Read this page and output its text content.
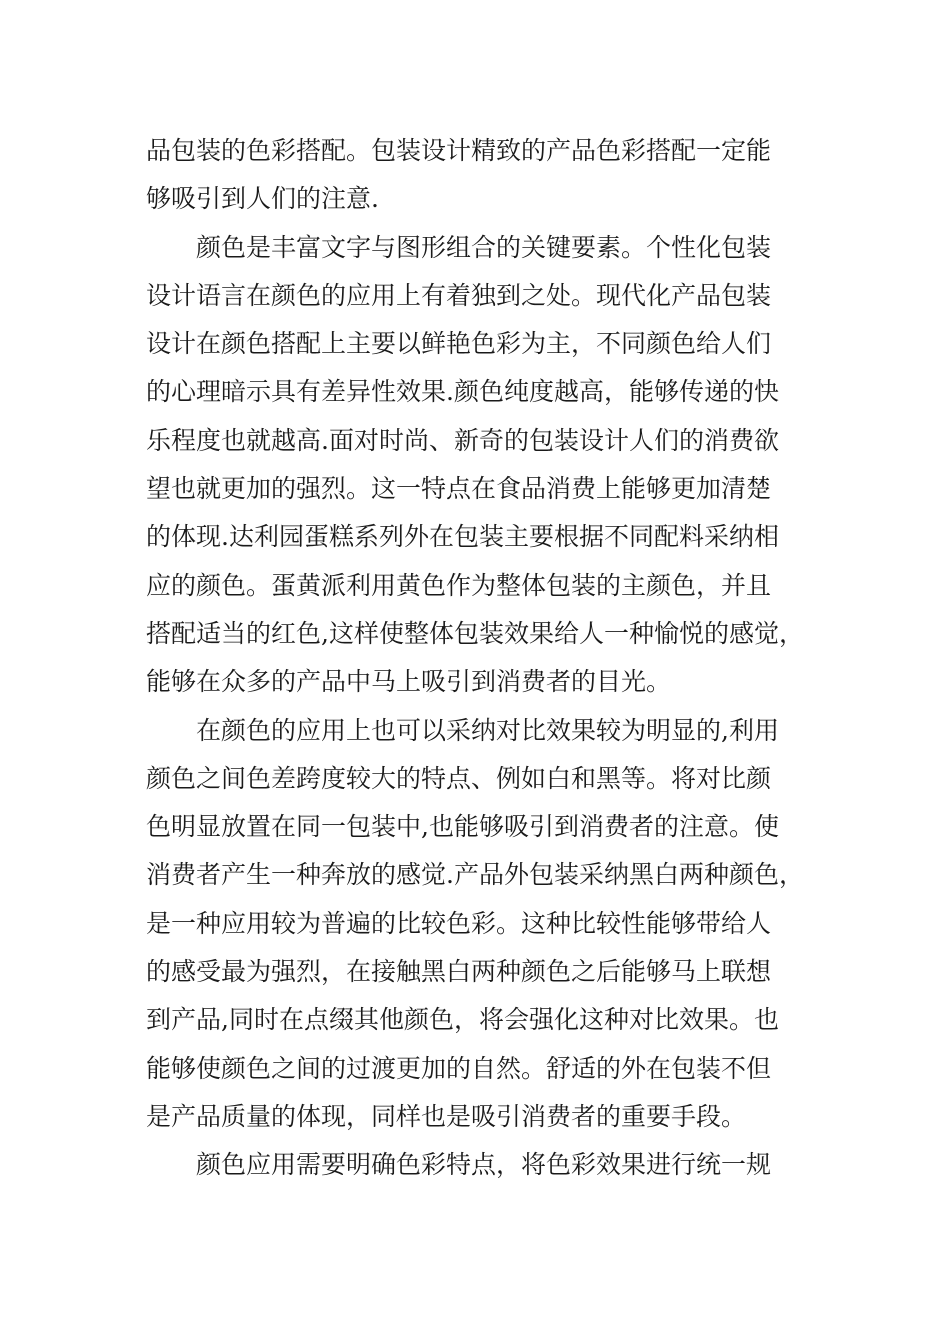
品包装的色彩搭配。包装设计精致的产品色彩搭配一定能
够吸引到人们的注意.
颜色是丰富文字与图形组合的关键要素。个性化包装
设计语言在颜色的应用上有着独到之处。现代化产品包装
设计在颜色搭配上主要以鲜艳色彩为主，不同颜色给人们
的心理暗示具有差异性效果.颜色纯度越高，能够传递的快
乐程度也就越高.面对时尚、新奇的包装设计人们的消费欲
望也就更加的强烈。这一特点在食品消费上能够更加清楚
的体现.达利园蛋糕系列外在包装主要根据不同配料采纳相
应的颜色。蛋黄派利用黄色作为整体包装的主颜色，并且
搭配适当的红色,这样使整体包装效果给人一种愉悦的感觉，
能够在众多的产品中马上吸引到消费者的目光。
在颜色的应用上也可以采纳对比效果较为明显的,利用
颜色之间色差跨度较大的特点、例如白和黑等。将对比颜
色明显放置在同一包装中,也能够吸引到消费者的注意。使
消费者产生一种奔放的感觉.产品外包装采纳黑白两种颜色，
是一种应用较为普遍的比较色彩。这种比较性能够带给人
的感受最为强烈，在接触黑白两种颜色之后能够马上联想
到产品,同时在点缀其他颜色，将会强化这种对比效果。也
能够使颜色之间的过渡更加的自然。舒适的外在包装不但
是产品质量的体现，同样也是吸引消费者的重要手段。
颜色应用需要明确色彩特点，将色彩效果进行统一规
